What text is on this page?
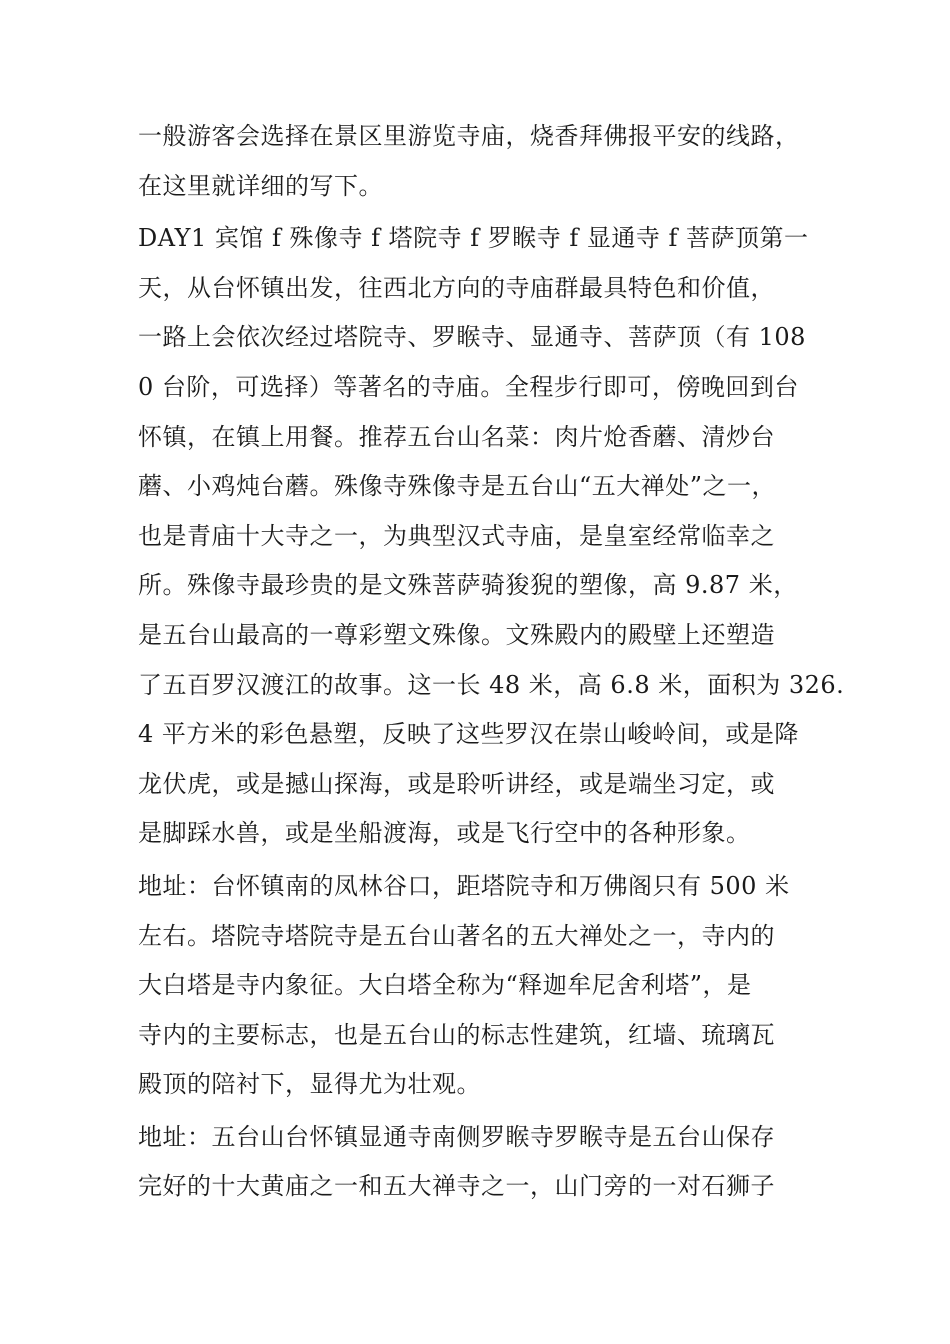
一般游客会选择在景区里游览寺庙，烧香拜佛报平安的线路，
在这里就详细的写下。
DAY1 宾馆 f 殊像寺 f 塔院寺 f 罗睺寺 f 显通寺 f 菩萨顶第一
天，从台怀镇出发，往西北方向的寺庙群最具特色和价值，
一路上会依次经过塔院寺、罗睺寺、显通寺、菩萨顶（有 108
0 台阶，可选择）等著名的寺庙。全程步行即可，傍晚回到台
怀镇，在镇上用餐。推荐五台山名菜：肉片炝香蘑、清炒台
蘑、小鸡炖台蘑。殊像寺殊像寺是五台山“五大禅处”之一，
也是青庙十大寺之一，为典型汉式寺庙，是皇室经常临幸之
所。殊像寺最珍贵的是文殊菩萨骑狻猊的塑像，高 9.87 米，
是五台山最高的一尊彩塑文殊像。文殊殿内的殿壁上还塑造
了五百罗汉渡江的故事。这一长 48 米，高 6.8 米，面积为 326.
4 平方米的彩色悬塑，反映了这些罗汉在崇山峻岭间，或是降
龙伏虎，或是撼山探海，或是聆听讲经，或是端坐习定，或
是脚踩水兽，或是坐船渡海，或是飞行空中的各种形象。
地址：台怀镇南的凤林谷口，距塔院寺和万佛阁只有 500 米
左右。塔院寺塔院寺是五台山著名的五大禅处之一，寺内的
大白塔是寺内象征。大白塔全称为“释迦牟尼舍利塔”，是
寺内的主要标志，也是五台山的标志性建筑，红墙、琉璃瓦
殿顶的陪衬下，显得尤为壮观。
地址：五台山台怀镇显通寺南侧罗睺寺罗睺寺是五台山保存
完好的十大黄庙之一和五大禅寺之一，山门旁的一对石狮子
